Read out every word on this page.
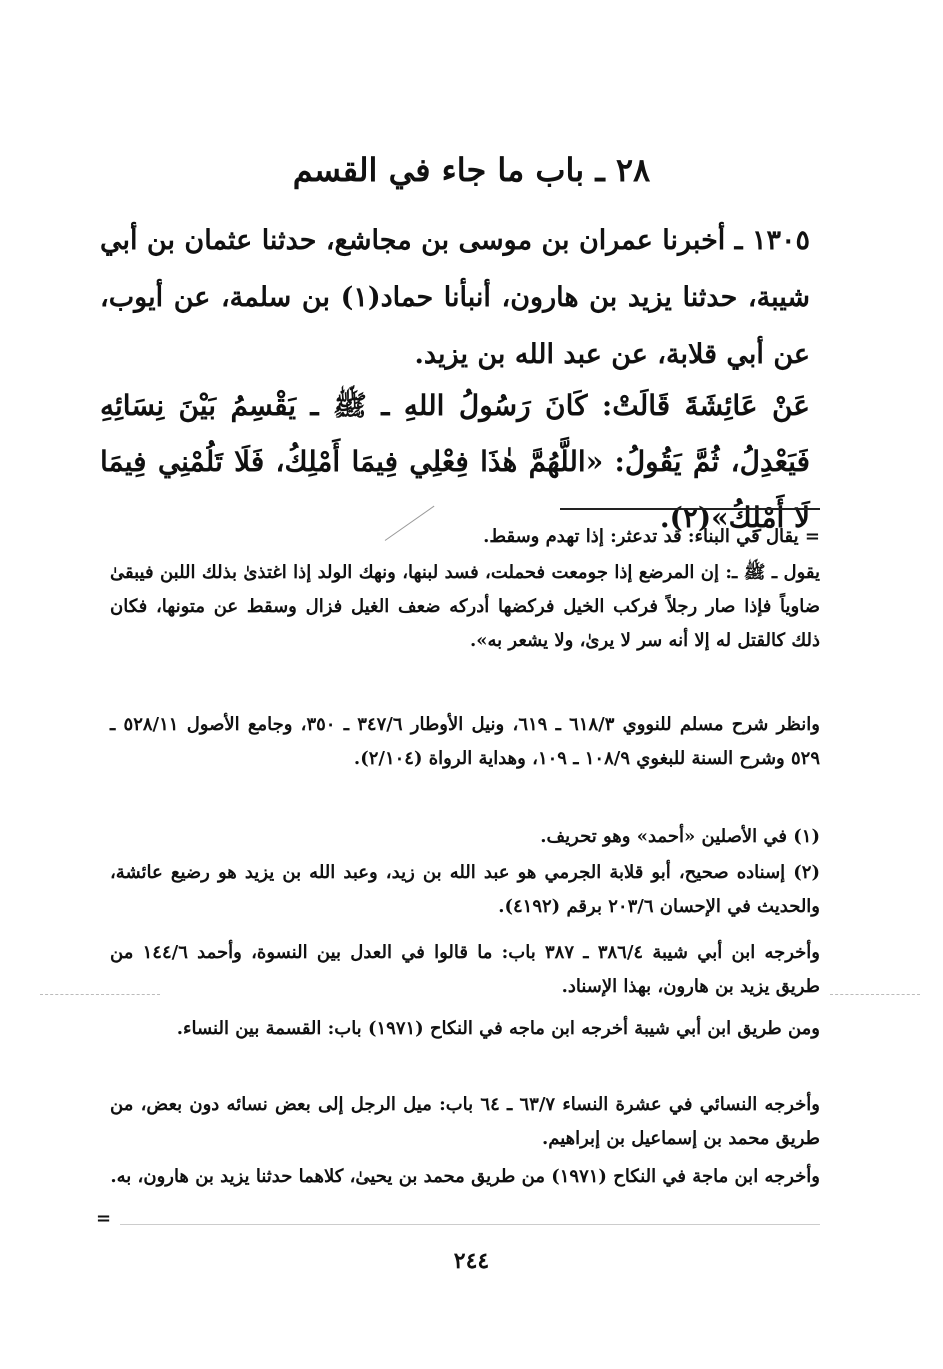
٢٨ ـ باب ما جاء في القسم
١٣٠٥ ـ أخبرنا عمران بن موسى بن مجاشع، حدثنا عثمان بن أبي شيبة، حدثنا يزيد بن هارون، أنبأنا حماد(١) بن سلمة، عن أيوب، عن أبي قلابة، عن عبد الله بن يزيد.
عَنْ عَائِشَةَ قَالَتْ: كَانَ رَسُولُ اللهِ ـ ﷺ ـ يَقْسِمُ بَيْنَ نِسَائِهِ فَيَعْدِلُ، ثُمَّ يَقُولُ: «اللَّهُمَّ هٰذَا فِعْلِي فِيمَا أَمْلِكُ، فَلَا تَلُمْنِي فِيمَا لَا أَمْلِكُ»(٢).
= يقال في البناء: قد تدعثر: إذا تهدم وسقط.
يقول ـ ﷺ ـ: إن المرضع إذا جومعت فحملت، فسد لبنها، ونهك الولد إذا اغتذىٰ بذلك اللبن فيبقىٰ ضاوياً فإذا صار رجلاً فركب الخيل فركضها أدركه ضعف الغيل فزال وسقط عن متونها، فكان ذلك كالقتل له إلا أنه سر لا يرىٰ، ولا يشعر به».
وانظر شرح مسلم للنووي ٦١٨/٣ ـ ٦١٩، ونيل الأوطار ٣٤٧/٦ ـ ٣٥٠، وجامع الأصول ٥٢٨/١١ ـ ٥٢٩ وشرح السنة للبغوي ١٠٨/٩ ـ ١٠٩، وهداية الرواة (٢/١٠٤).
(١) في الأصلين «أحمد» وهو تحريف.
(٢) إسناده صحيح، أبو قلابة الجرمي هو عبد الله بن زيد، وعبد الله بن يزيد هو رضيع عائشة، والحديث في الإحسان ٢٠٣/٦ برقم (٤١٩٢).
وأخرجه ابن أبي شيبة ٣٨٦/٤ ـ ٣٨٧ باب: ما قالوا في العدل بين النسوة، وأحمد ١٤٤/٦ من طريق يزيد بن هارون، بهذا الإسناد.
ومن طريق ابن أبي شيبة أخرجه ابن ماجه في النكاح (١٩٧١) باب: القسمة بين النساء.
وأخرجه النسائي في عشرة النساء ٦٣/٧ ـ ٦٤ باب: ميل الرجل إلى بعض نسائه دون بعض، من طريق محمد بن إسماعيل بن إبراهيم.
وأخرجه ابن ماجة في النكاح (١٩٧١) من طريق محمد بن يحيىٰ، كلاهما حدثنا يزيد بن هارون، به.
=
٢٤٤
